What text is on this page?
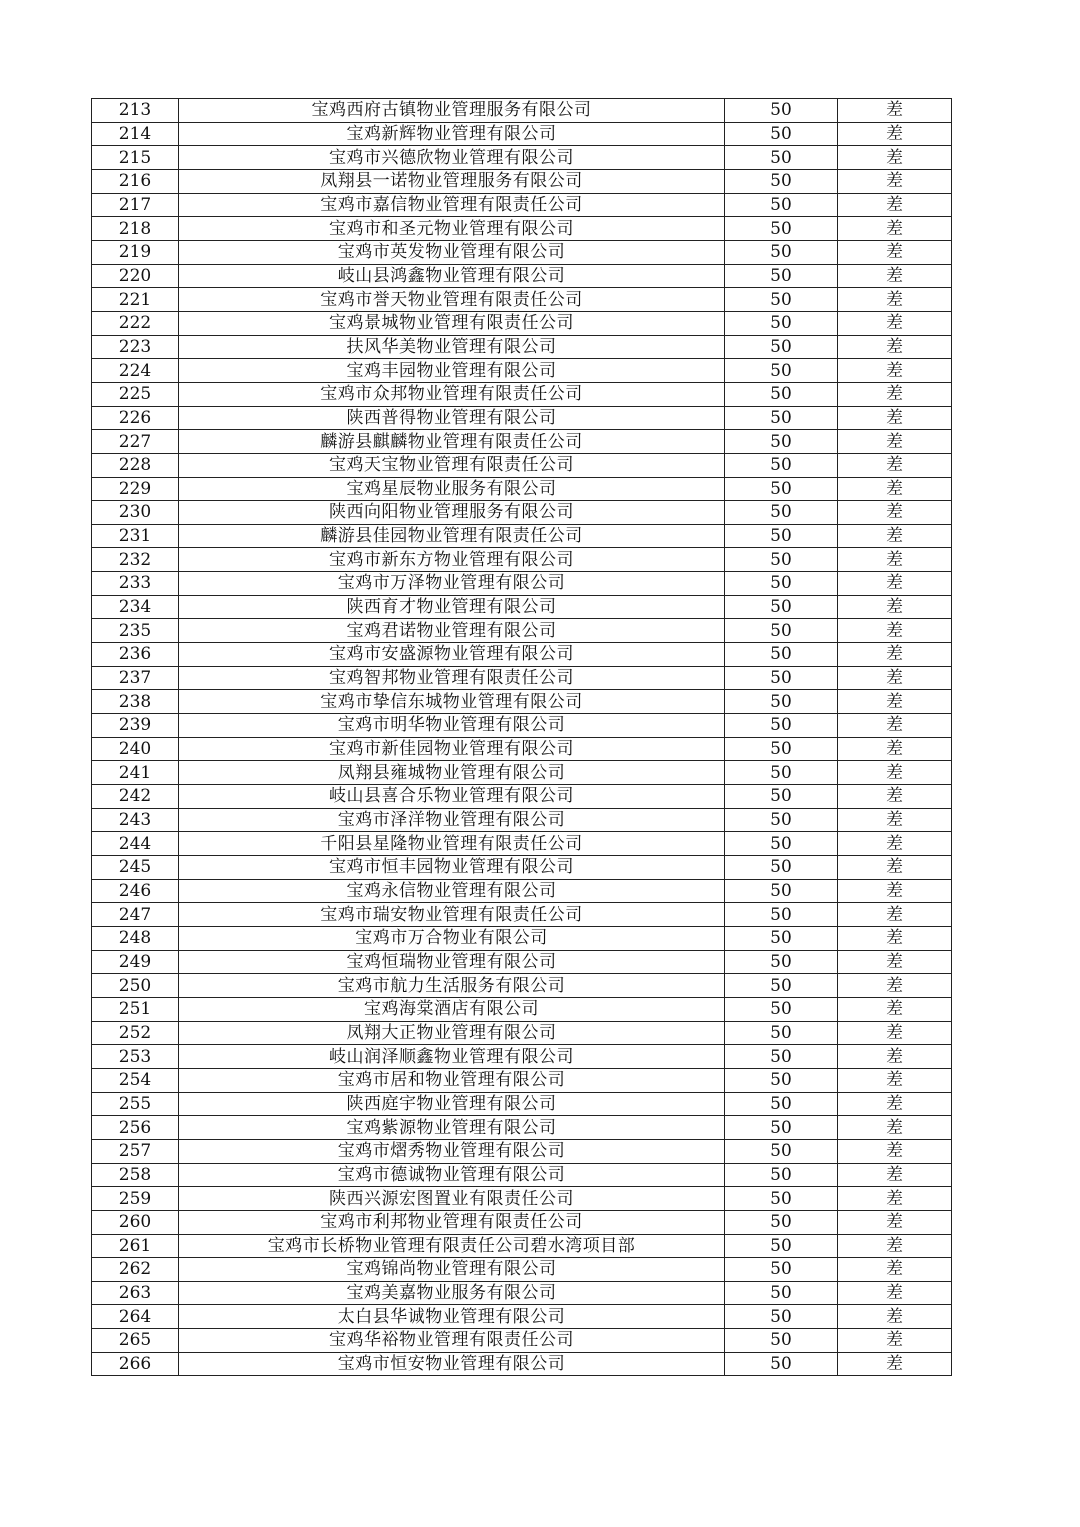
213	宝鸡西府古镇物业管理服务有限公司	50	差
214	宝鸡新辉物业管理有限公司	50	差
215	宝鸡市兴德欣物业管理有限公司	50	差
216	凤翔县一诺物业管理服务有限公司	50	差
217	宝鸡市嘉信物业管理有限责任公司	50	差
218	宝鸡市和圣元物业管理有限公司	50	差
219	宝鸡市英发物业管理有限公司	50	差
220	岐山县鸿鑫物业管理有限公司	50	差
221	宝鸡市誉天物业管理有限责任公司	50	差
222	宝鸡景城物业管理有限责任公司	50	差
223	扶风华美物业管理有限公司	50	差
224	宝鸡丰园物业管理有限公司	50	差
225	宝鸡市众邦物业管理有限责任公司	50	差
226	陕西普得物业管理有限公司	50	差
227	麟游县麒麟物业管理有限责任公司	50	差
228	宝鸡天宝物业管理有限责任公司	50	差
229	宝鸡星辰物业服务有限公司	50	差
230	陕西向阳物业管理服务有限公司	50	差
231	麟游县佳园物业管理有限责任公司	50	差
232	宝鸡市新东方物业管理有限公司	50	差
233	宝鸡市万泽物业管理有限公司	50	差
234	陕西育才物业管理有限公司	50	差
235	宝鸡君诺物业管理有限公司	50	差
236	宝鸡市安盛源物业管理有限公司	50	差
237	宝鸡智邦物业管理有限责任公司	50	差
238	宝鸡市挚信东城物业管理有限公司	50	差
239	宝鸡市明华物业管理有限公司	50	差
240	宝鸡市新佳园物业管理有限公司	50	差
241	凤翔县雍城物业管理有限公司	50	差
242	岐山县喜合乐物业管理有限公司	50	差
243	宝鸡市泽洋物业管理有限公司	50	差
244	千阳县星隆物业管理有限责任公司	50	差
245	宝鸡市恒丰园物业管理有限公司	50	差
246	宝鸡永信物业管理有限公司	50	差
247	宝鸡市瑞安物业管理有限责任公司	50	差
248	宝鸡市万合物业有限公司	50	差
249	宝鸡恒瑞物业管理有限公司	50	差
250	宝鸡市航力生活服务有限公司	50	差
251	宝鸡海棠酒店有限公司	50	差
252	凤翔大正物业管理有限公司	50	差
253	岐山润泽顺鑫物业管理有限公司	50	差
254	宝鸡市居和物业管理有限公司	50	差
255	陕西庭宇物业管理有限公司	50	差
256	宝鸡紫源物业管理有限公司	50	差
257	宝鸡市熠秀物业管理有限公司	50	差
258	宝鸡市德诚物业管理有限公司	50	差
259	陕西兴源宏图置业有限责任公司	50	差
260	宝鸡市利邦物业管理有限责任公司	50	差
261	宝鸡市长桥物业管理有限责任公司碧水湾项目部	50	差
262	宝鸡锦尚物业管理有限公司	50	差
263	宝鸡美嘉物业服务有限公司	50	差
264	太白县华诚物业管理有限公司	50	差
265	宝鸡华裕物业管理有限责任公司	50	差
266	宝鸡市恒安物业管理有限公司	50	差
